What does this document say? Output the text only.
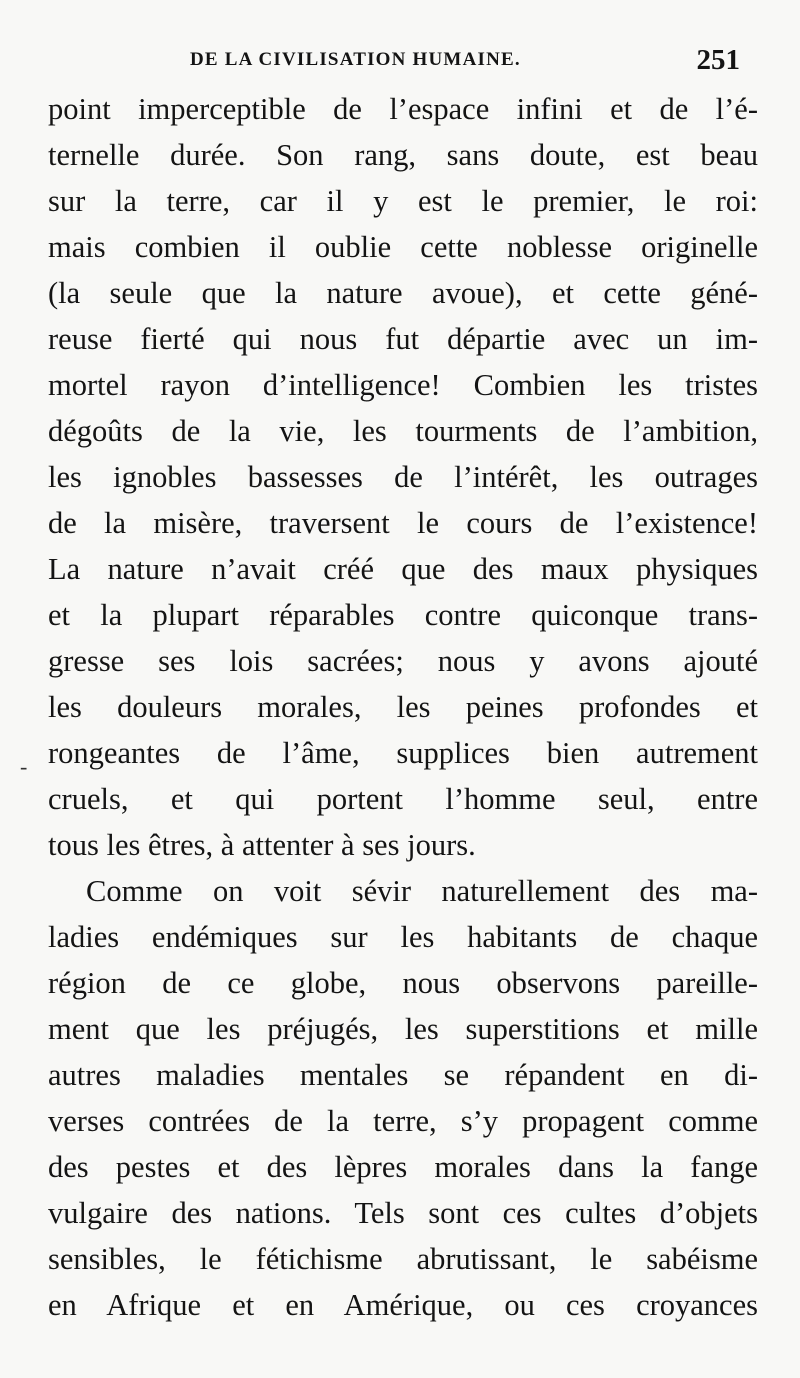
DE LA CIVILISATION HUMAINE.	251
-
point imperceptible de l’espace infini et de l’é-
ternelle durée. Son rang, sans doute, est beau
sur la terre, car il y est le premier, le roi:
mais combien il oublie cette noblesse originelle
(la seule que la nature avoue), et cette géné-
reuse fierté qui nous fut départie avec un im-
mortel rayon d’intelligence! Combien les tristes
dégoûts de la vie, les tourments de l’ambition,
les ignobles bassesses de l’intérêt, les outrages
de la misère, traversent le cours de l’existence!
La nature n’avait créé que des maux physiques
et la plupart réparables contre quiconque trans-
gresse ses lois sacrées; nous y avons ajouté
les douleurs morales, les peines profondes et
rongeantes de l’âme, supplices bien autrement
cruels, et qui portent l’homme seul, entre
tous les êtres, à attenter à ses jours.
Comme on voit sévir naturellement des ma-
ladies endémiques sur les habitants de chaque
région de ce globe, nous observons pareille-
ment que les préjugés, les superstitions et mille
autres maladies mentales se répandent en di-
verses contrées de la terre, s’y propagent comme
des pestes et des lèpres morales dans la fange
vulgaire des nations. Tels sont ces cultes d’objets
sensibles, le fétichisme abrutissant, le sabéisme
en Afrique et en Amérique, ou ces croyances
